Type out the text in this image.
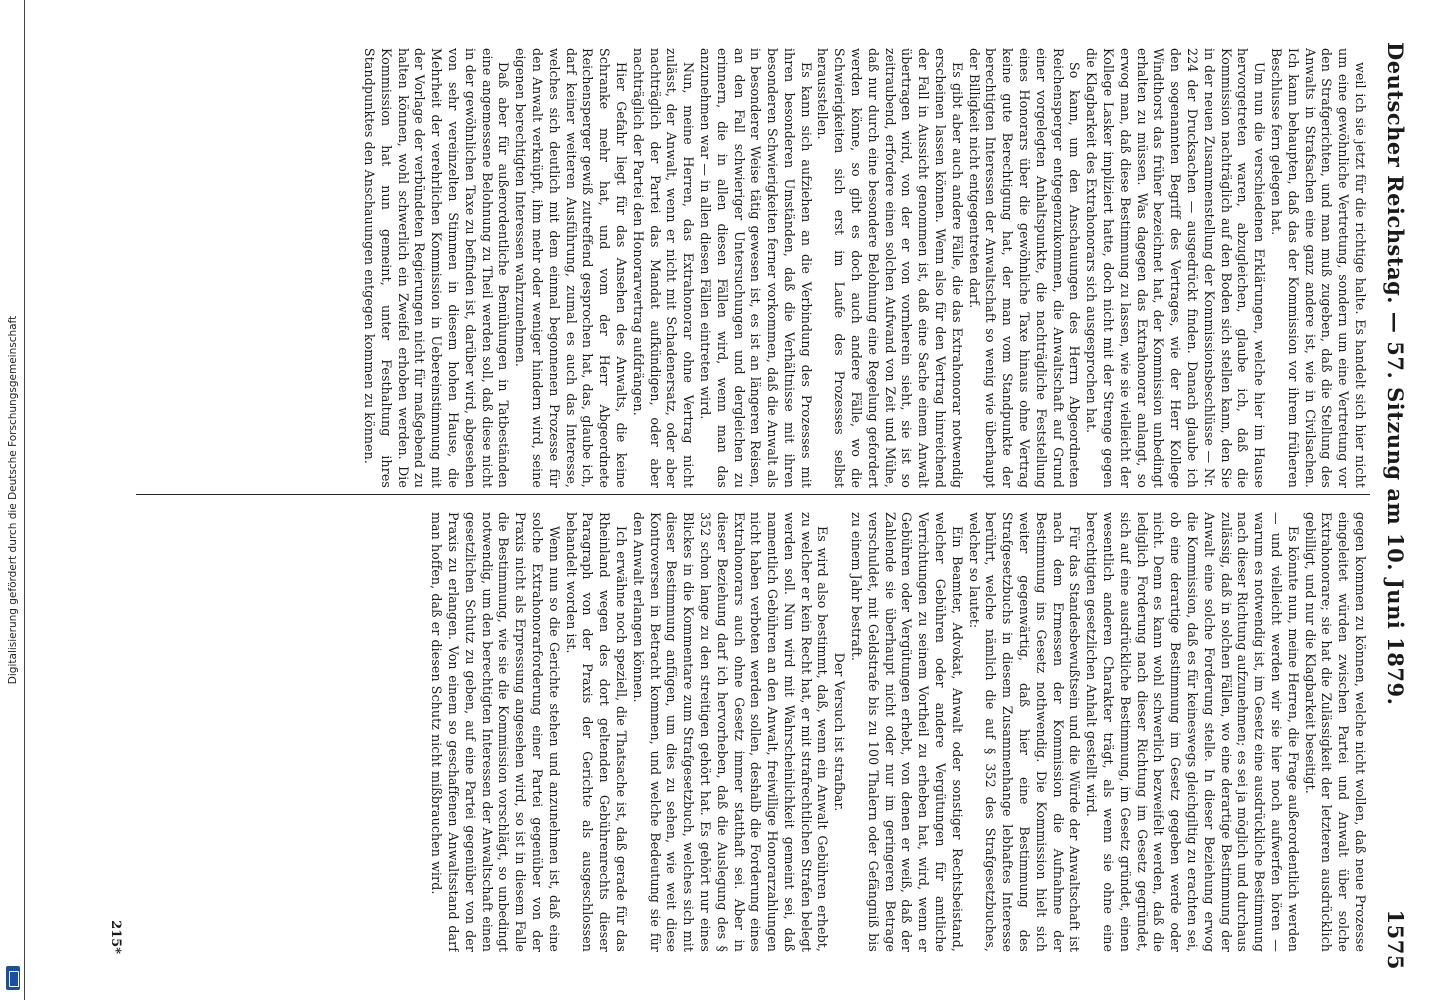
Digitalisierung gefördert durch die Deutsche Forschungsgemeinschaft	Deutscher Reichstag. — 57. Sitzung am 10. Juni 1879.
1575

weil ich sie jetzt für die richtige halte. Es handelt sich hier nicht um eine gewöhnliche Vertretung, sondern um eine Vertretung vor den Strafgerichten, und man muß zugeben, daß die Stellung des Anwalts in Strafsachen eine ganz andere ist, wie in Civilsachen. Ich kann behaupten, daß das der Kommission vor ihrem früheren Beschlusse fern gelegen hat.

Um nun die verschiedenen Erklärungen, welche hier im Hause hervorgetreten waren, abzugleichen, glaube ich, daß die Kommission nachträglich auf den Boden sich stellen kann, den Sie in der neuen Zusammenstellung der Kommissionsbeschlüsse — Nr. 224 der Drucksachen — ausgedrückt finden. Danach glaube ich den sogenannten Begriff des Vertrages, wie der Herr Kollege Windthorst das früher bezeichnet hat, der Kommission unbedingt erhalten zu müssen. Was dagegen das Extrahonorar anlangt, so erwog man, daß diese Bestimmung zu lassen, wie sie vielleicht der Kollege Lasker impliziert hatte, doch nicht mit der Strenge gegen die Klagbarkeit des Extrahonorars sich ausgesprochen hat.

So kann, um den Anschauungen des Herrn Abgeordneten Reichensperger entgegenzukommen, die Anwaltschaft auf Grund einer vorgelegten Anhaltspunkte, die nachträgliche Feststellung eines Honorars über die gewöhnliche Taxe hinaus ohne Vertrag keine gute Berechtigung hat, der man vom Standpunkte der berechtigten Interessen der Anwaltschaft so wenig wie überhaupt der Billigkeit nicht entgegentreten darf.

Es gibt aber auch andere Fälle, die das Extrahonorar notwendig erscheinen lassen können. Wenn also für den Vertrag hinreichend der Fall in Aussicht genommen ist, daß eine Sache einem Anwalt übertragen wird, von der er von vornherein sieht, sie ist so zeitraubend, erfordere einen solchen Aufwand von Zeit und Mühe, daß nur durch eine besondere Belohnung eine Regelung gefordert werden könne, so gibt es doch auch andere Fälle, wo die Schwierigkeiten sich erst im Laufe des Prozesses selbst herausstellen.

Es kann sich aufziehen an die Verbindung des Prozesses mit ihren besonderen Umständen, daß die Verhältnisse mit ihren besonderen Schwierigkeiten ferner vorkommen, daß die Anwalt als in besonderer Weise tätig gewesen ist, es ist an längeren Reisen, an den Fall schwieriger Untersuchungen und dergleichen zu erinnern, die in allen diesen Fällen wird, wenn man das anzunehmen war — in allen diesen Fällen eintreten wird.

Nun, meine Herren, das Extrahonorar ohne Vertrag nicht zulässt, der Anwalt, wenn er nicht mit Schadenersatz, oder aber nachträglich der Partei das Mandat aufkündigen, oder aber nachträglich der Partei den Honorarvertrag aufdrängen.

Hier Gefahr liegt für das Ansehen des Anwalts, die keine Schranke mehr hat, und vom der Herr Abgeordnete Reichensperger gewiß zutreffend gesprochen hat, das, glaube ich, darf keiner weiteren Ausführung, zumal es auch das Interesse, welches sich deutlich mit dem einmal begonnenen Prozesse für den Anwalt verknüpft, ihm mehr oder weniger hindern wird, seine eigenen berechtigten Interessen wahrzunehmen.

Daß aber für außerordentliche Bemühungen in Tatbeständen eine angemessene Belohnung zu Theil werden soll, daß diese nicht in der gewöhnlichen Taxe zu befinden ist, darüber wird, abgesehen von sehr vereinzelten Stimmen in diesem hohen Hause, die Mehrheit der verehrlichen Kommission in Uebereinstimmung mit der Vorlage der verbündeten Regierungen nicht für maßgebend zu halten können, wohl schwerlich ein Zweifel erhoben werden. Die Kommission hat nun gemeint, unter Festhaltung ihres Standpunktes den Anschauungen entgegen kommen zu können.

gegen kommen zu können, welche nicht wollen, daß neue Prozesse eingeleitet würden zwischen Partei und Anwalt über solche Extrahonorare; sie hat die Zulässigkeit der letzteren ausdrücklich gebilligt, und nur die Klagbarkeit beseitigt.

Es könnte nun, meine Herren, die Frage außerordentlich werden — und vielleicht werden wir sie hier noch aufwerfen hören — warum es notwendig ist, im Gesetz eine ausdrückliche Bestimmung nach dieser Richtung aufzunehmen; es sei ja möglich und durchaus zulässig, daß in solchen Fällen, wo eine derartige Bestimmung der Anwalt eine solche Forderung stelle. In dieser Beziehung erwog die Kommission, daß es für keineswegs gleichgiltig zu erachten sei, ob eine derartige Bestimmung im Gesetz gegeben werde oder nicht. Denn es kann wohl schwerlich bezweifelt werden, daß die lediglich Forderung nach dieser Richtung im Gesetz gegründet, sich auf eine ausdrückliche Bestimmung, im Gesetz gründet, einen wesentlich anderen Charakter trägt, als wenn sie ohne eine berechtigten gesetzlichen Anhalt gestellt wird.

Für das Standesbewußtsein und die Würde der Anwaltschaft ist nach dem Ermessen der Kommission die Aufnahme der Bestimmung ins Gesetz nothwendig. Die Kommission hielt sich weiter gegenwärtig, daß hier eine Bestimmung des Strafgesetzbuchs in diesem Zusammenhange lebhaftes Interesse berührt, welche nämlich die auf § 352 des Strafgesetzbuches, welcher so lautet:

Ein Beamter, Advokat, Anwalt oder sonstiger Rechtsbeistand, welcher Gebühren oder andere Vergütungen für amtliche Verrichtungen zu seinem Vortheil zu erheben hat, wird, wenn er Gebühren oder Vergütungen erhebt, von denen er weiß, daß der Zahlende sie überhaupt nicht oder nur im geringeren Betrage verschuldet, mit Geldstrafe bis zu 100 Thalern oder Gefängniß bis zu einem Jahr bestraft.

Der Versuch ist strafbar.

Es wird also bestimmt, daß, wenn ein Anwalt Gebühren erhebt, zu welcher er kein Recht hat, er mit strafrechtlichen Strafen belegt werden soll. Nun wird mit Wahrscheinlichkeit gemeint sei, daß namentlich Gebühren an den Anwalt, freiwillige Honorarzahlungen nicht haben verboten werden sollen, deshalb die Forderung eines Extrahonorars auch ohne Gesetz immer statthaft sei. Aber in dieser Beziehung darf ich hervorheben, daß die Auslegung des § 352 schon lange zu den streitigen gehört hat. Es gehört nur eines Blickes in die Kommentare zum Strafgesetzbuch, welches sich mit dieser Bestimmung anfügen, um dies zu sehen, wie weit diese Kontroversen in Betracht kommen, und welche Bedeutung sie für den Anwalt erlangen können.

Ich erwähne noch speziell, die Thatsache ist, daß gerade für das Rheinland wegen des dort geltenden Gebührenrechts dieser Paragraph von der Praxis der Gerichte als ausgeschlossen behandelt worden ist.

Wenn nun so die Gerichte stehen und anzunehmen ist, daß eine solche Extrahonorarforderung einer Partei gegenüber von der Praxis nicht als Erpressung angesehen wird, so ist in diesem Falle die Bestimmung, wie sie die Kommission vorschlägt, so unbedingt notwendig, um den berechtigten Interessen der Anwaltschaft einen gesetzlichen Schutz zu geben, auf eine Partei gegenüber von der Praxis zu erlangen. Von einem so geschaffenen Anwaltsstand darf man hoffen, daß er diesen Schutz nicht mißbrauchen wird.

215*
